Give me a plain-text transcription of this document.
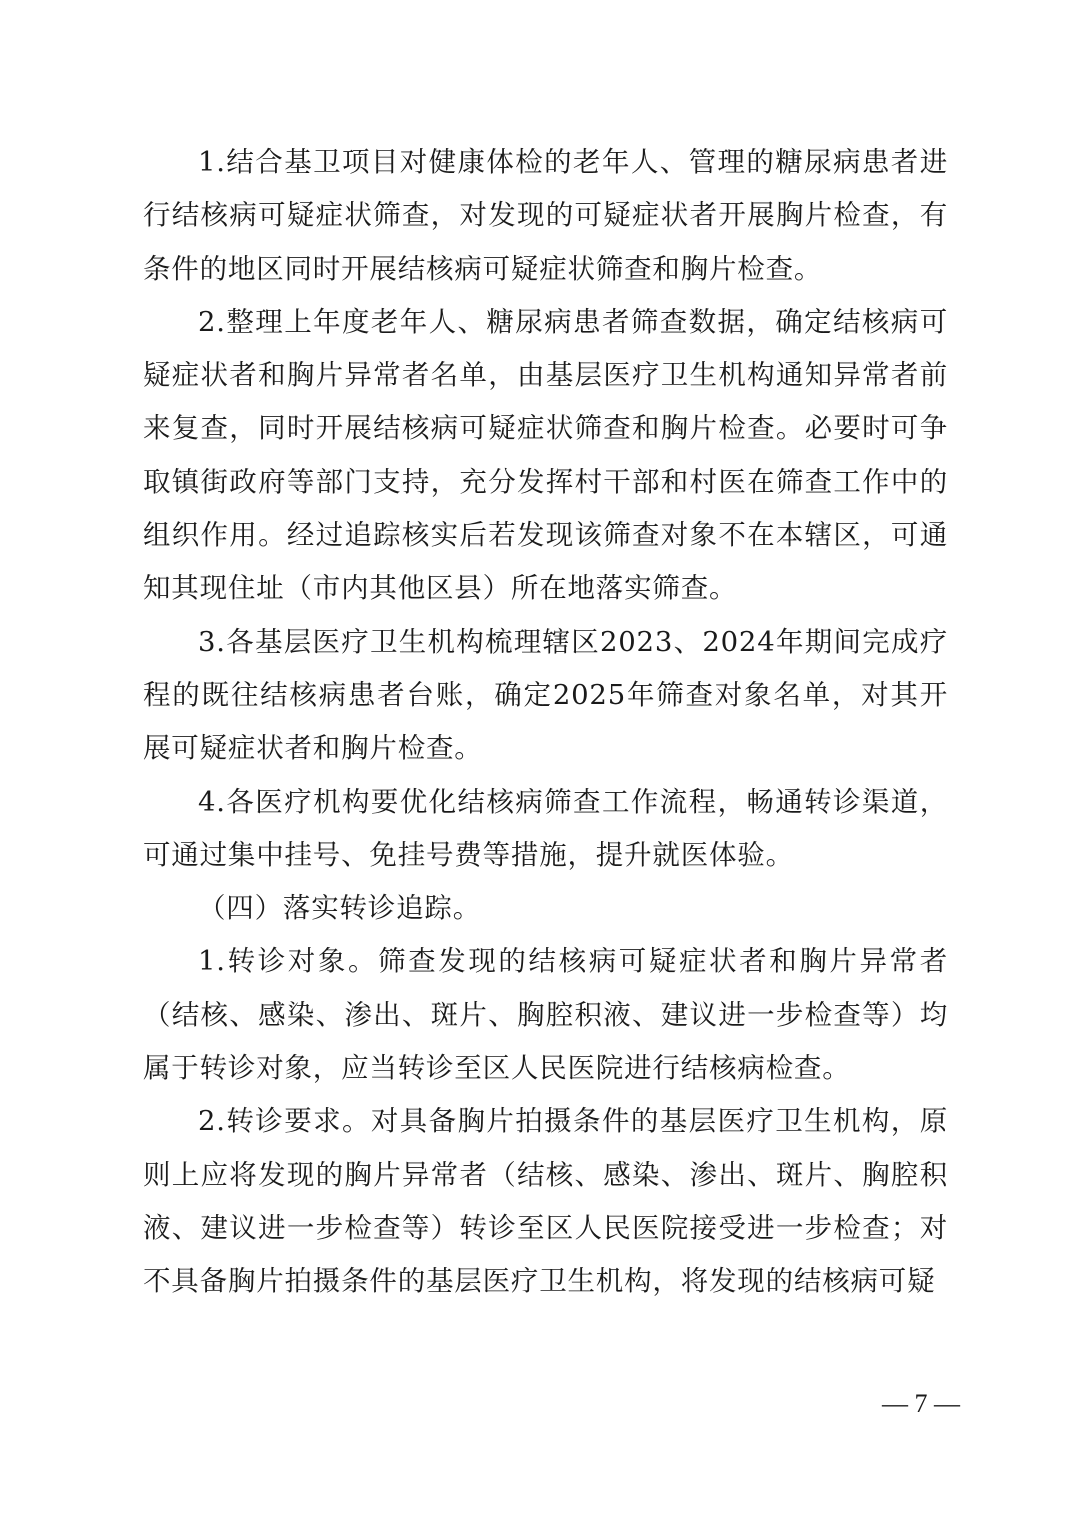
1.结合基卫项目对健康体检的老年人、管理的糖尿病患者进行结核病可疑症状筛查，对发现的可疑症状者开展胸片检查，有条件的地区同时开展结核病可疑症状筛查和胸片检查。

2.整理上年度老年人、糖尿病患者筛查数据，确定结核病可疑症状者和胸片异常者名单，由基层医疗卫生机构通知异常者前来复查，同时开展结核病可疑症状筛查和胸片检查。必要时可争取镇街政府等部门支持，充分发挥村干部和村医在筛查工作中的组织作用。经过追踪核实后若发现该筛查对象不在本辖区，可通知其现住址（市内其他区县）所在地落实筛查。

3.各基层医疗卫生机构梳理辖区2023、2024年期间完成疗程的既往结核病患者台账，确定2025年筛查对象名单，对其开展可疑症状者和胸片检查。

4.各医疗机构要优化结核病筛查工作流程，畅通转诊渠道，可通过集中挂号、免挂号费等措施，提升就医体验。

（四）落实转诊追踪。

1.转诊对象。筛查发现的结核病可疑症状者和胸片异常者（结核、感染、渗出、斑片、胸腔积液、建议进一步检查等）均属于转诊对象，应当转诊至区人民医院进行结核病检查。

2.转诊要求。对具备胸片拍摄条件的基层医疗卫生机构，原则上应将发现的胸片异常者（结核、感染、渗出、斑片、胸腔积液、建议进一步检查等）转诊至区人民医院接受进一步检查；对不具备胸片拍摄条件的基层医疗卫生机构，将发现的结核病可疑

— 7 —
